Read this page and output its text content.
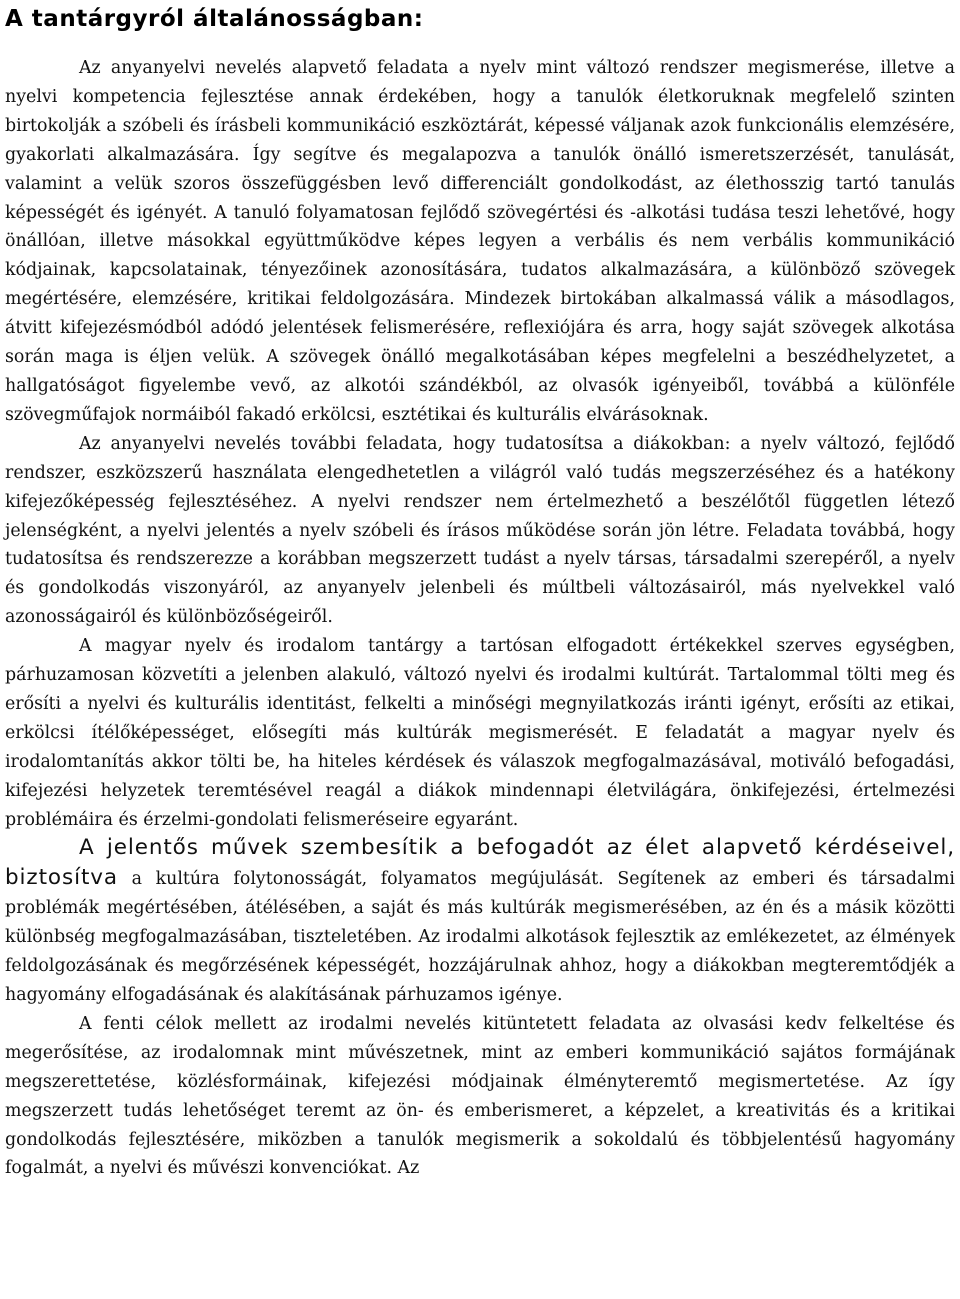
A tantárgyról általánosságban:

Az anyanyelvi nevelés alapvető feladata a nyelv mint változó rendszer megismerése, illetve a nyelvi kompetencia fejlesztése annak érdekében, hogy a tanulók életkoruknak megfelelő szinten birtokolják a szóbeli és írásbeli kommunikáció eszköztárát, képessé váljanak azok funkcionális elemzésére, gyakorlati alkalmazására. Így segítve és megalapozva a tanulók önálló ismeretszerzését, tanulását, valamint a velük szoros összefüggésben levő differenciált gondolkodást, az élethosszig tartó tanulás képességét és igényét. A tanuló folyamatosan fejlődő szövegértési és -alkotási tudása teszi lehetővé, hogy önállóan, illetve másokkal együttműködve képes legyen a verbális és nem verbális kommunikáció kódjainak, kapcsolatainak, tényezőinek azonosítására, tudatos alkalmazására, a különböző szövegek megértésére, elemzésére, kritikai feldolgozására. Mindezek birtokában alkalmassá válik a másodlagos, átvitt kifejezésmódból adódó jelentések felismerésére, reflexiójára és arra, hogy saját szövegek alkotása során maga is éljen velük. A szövegek önálló megalkotásában képes megfelelni a beszédhelyzetet, a hallgatóságot figyelembe vevő, az alkotói szándékból, az olvasók igényeiből, továbbá a különféle szövegműfajok normáiból fakadó erkölcsi, esztétikai és kulturális elvárásoknak.

Az anyanyelvi nevelés további feladata, hogy tudatosítsa a diákokban: a nyelv változó, fejlődő rendszer, eszközszerű használata elengedhetetlen a világról való tudás megszerzéséhez és a hatékony kifejezőképesség fejlesztéséhez. A nyelvi rendszer nem értelmezhető a beszélőtől független létező jelenségként, a nyelvi jelentés a nyelv szóbeli és írásos működése során jön létre. Feladata továbbá, hogy tudatosítsa és rendszerezze a korábban megszerzett tudást a nyelv társas, társadalmi szerepéről, a nyelv és gondolkodás viszonyáról, az anyanyelv jelenbeli és múltbeli változásairól, más nyelvekkel való azonosságairól és különbözőségeiről.

A magyar nyelv és irodalom tantárgy a tartósan elfogadott értékekkel szerves egységben, párhuzamosan közvetíti a jelenben alakuló, változó nyelvi és irodalmi kultúrát. Tartalommal tölti meg és erősíti a nyelvi és kulturális identitást, felkelti a minőségi megnyilatkozás iránti igényt, erősíti az etikai, erkölcsi ítélőképességet, elősegíti más kultúrák megismerését. E feladatát a magyar nyelv és irodalomtanítás akkor tölti be, ha hiteles kérdések és válaszok megfogalmazásával, motiváló befogadási, kifejezési helyzetek teremtésével reagál a diákok mindennapi életvilágára, önkifejezési, értelmezési problémáira és érzelmi-gondolati felismeréseire egyaránt.

A jelentős művek szembesítik a befogadót az élet alapvető kérdéseivel, biztosítva a kultúra folytonosságát, folyamatos megújulását. Segítenek az emberi és társadalmi problémák megértésében, átélésében, a saját és más kultúrák megismerésében, az én és a másik közötti különbség megfogalmazásában, tiszteletében. Az irodalmi alkotások fejlesztik az emlékezetet, az élmények feldolgozásának és megőrzésének képességét, hozzájárulnak ahhoz, hogy a diákokban megteremtődjék a hagyomány elfogadásának és alakításának párhuzamos igénye.

A fenti célok mellett az irodalmi nevelés kitüntetett feladata az olvasási kedv felkeltése és megerősítése, az irodalomnak mint művészetnek, mint az emberi kommunikáció sajátos formájának megszerettetése, közlésformáinak, kifejezési módjainak élményteremtő megismertetése. Az így megszerzett tudás lehetőséget teremt az ön- és emberismeret, a képzelet, a kreativitás és a kritikai gondolkodás fejlesztésére, miközben a tanulók megismerik a sokoldalú és többjelentésű hagyomány fogalmát, a nyelvi és művészi konvenciókat. Az
